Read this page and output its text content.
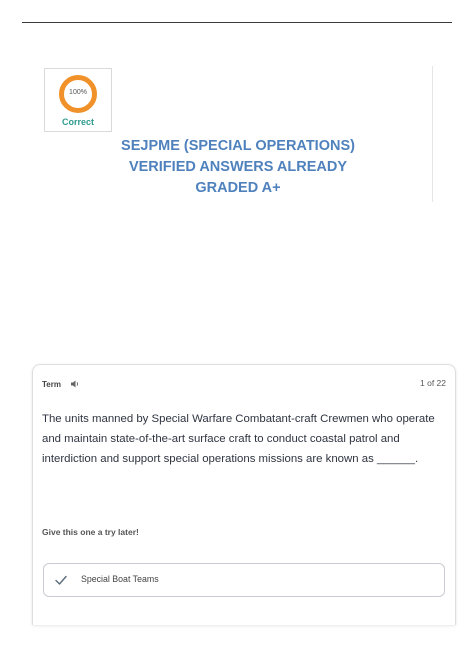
100%
Correct
SEJPME (SPECIAL OPERATIONS)
VERIFIED ANSWERS ALREADY
GRADED A+
Term	1 of 22
The units manned by Special Warfare Combatant-craft Crewmen who operate and maintain state-of-the-art surface craft to conduct coastal patrol and interdiction and support special operations missions are known as ______.
Give this one a try later!
Special Boat Teams
